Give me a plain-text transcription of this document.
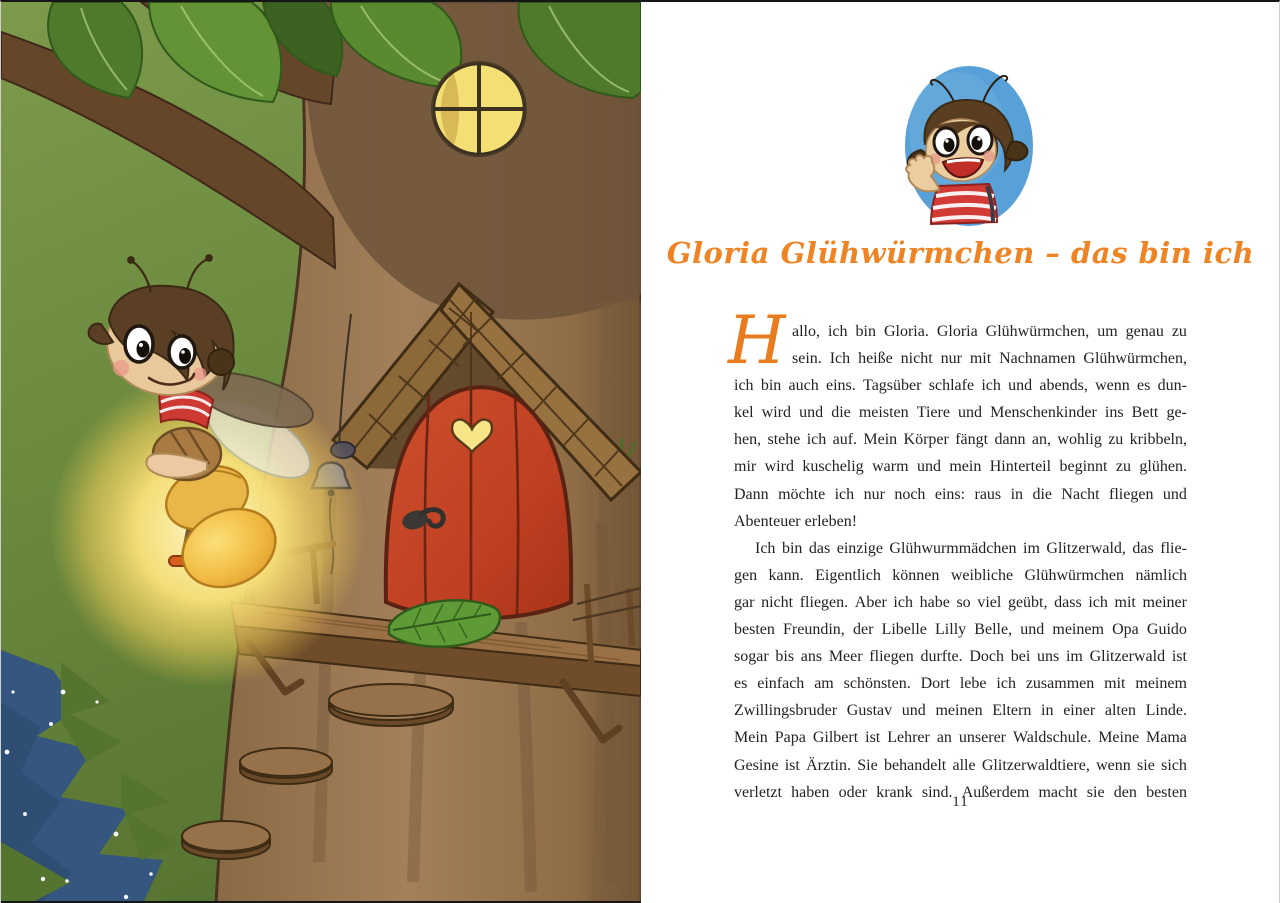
Gloria Glühwürmchen – das bin ich
H allo, ich bin Gloria. Gloria Glühwürmchen, um genau zu
sein. Ich heiße nicht nur mit Nachnamen Glühwürmchen,
ich bin auch eins. Tagsüber schlafe ich und abends, wenn es dun-
kel wird und die meisten Tiere und Menschenkinder ins Bett ge-
hen, stehe ich auf. Mein Körper fängt dann an, wohlig zu kribbeln,
mir wird kuschelig warm und mein Hinterteil beginnt zu glühen.
Dann möchte ich nur noch eins: raus in die Nacht fliegen und
Abenteuer erleben!
Ich bin das einzige Glühwurmmädchen im Glitzerwald, das flie-
gen kann. Eigentlich können weibliche Glühwürmchen nämlich
gar nicht fliegen. Aber ich habe so viel geübt, dass ich mit meiner
besten Freundin, der Libelle Lilly Belle, und meinem Opa Guido
sogar bis ans Meer fliegen durfte. Doch bei uns im Glitzerwald ist
es einfach am schönsten. Dort lebe ich zusammen mit meinem
Zwillingsbruder Gustav und meinen Eltern in einer alten Linde.
Mein Papa Gilbert ist Lehrer an unserer Waldschule. Meine Mama
Gesine ist Ärztin. Sie behandelt alle Glitzerwaldtiere, wenn sie sich
verletzt haben oder krank sind. Außerdem macht sie den besten
11
